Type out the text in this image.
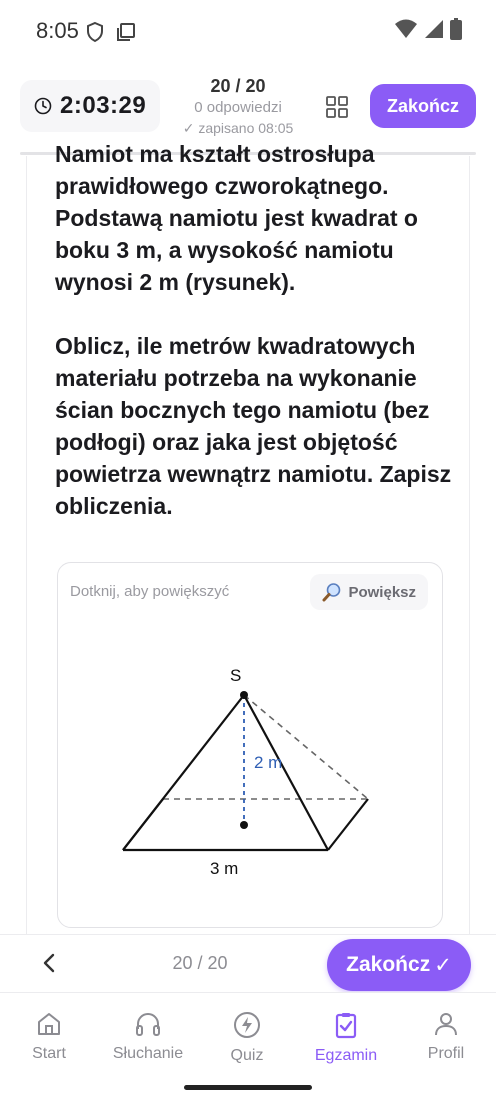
8:05
2:03:29
20 / 20
0 odpowiedzi
✓ zapisano 08:05
Zakończ
Namiot ma kształt ostrosłupa
prawidłowego czworokątnego. Podstawą namiotu jest kwadrat o boku 3 m, a wysokość namiotu wynosi 2 m (rysunek).
Oblicz, ile metrów kwadratowych materiału potrzeba na wykonanie ścian bocznych tego namiotu (bez podłogi) oraz jaka jest objętość powietrza wewnątrz namiotu. Zapisz obliczenia.
Dotknij, aby powiększyć	Powiększ
S
2 m
3 m
20 / 20	Zakończ ✓
Start	Słuchanie	Quiz	Egzamin	Profil
